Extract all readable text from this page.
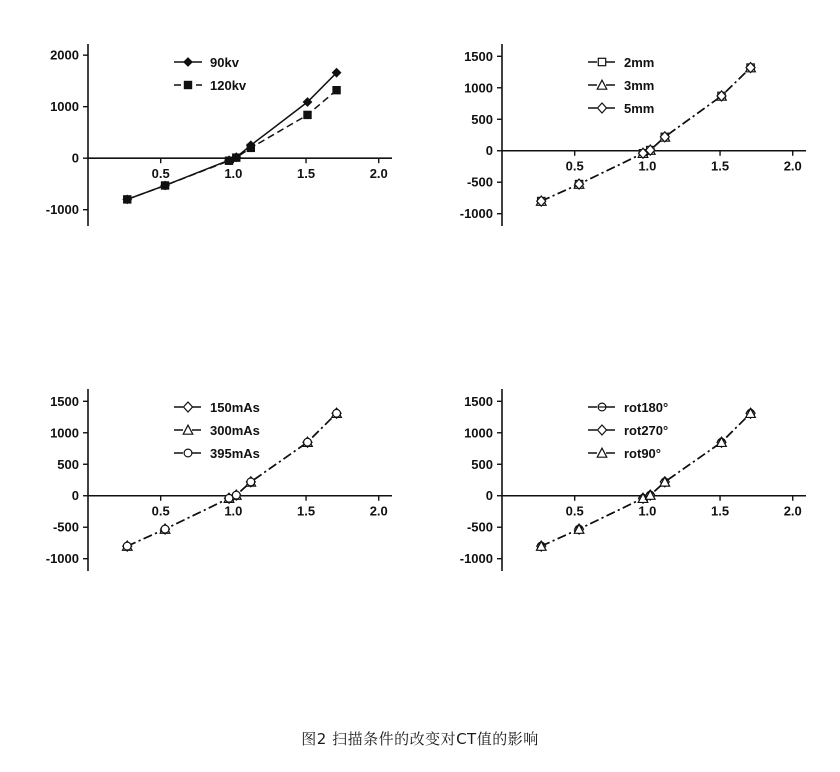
-1000
0
1000
2000
0.5	1.0	1.5	2.0
90kv
120kv
-1000
-500
0
500
1000
1500
0.5	1.0	1.5	2.0
2mm
3mm
5mm
-1000
-500
0
500
1000
1500
0.5	1.0	1.5	2.0
150mAs
300mAs
395mAs
-1000
-500
0
500
1000
1500
0.5	1.0	1.5	2.0
rot180°
rot270°
rot90°
图2 扫描条件的改变对CT值的影响
